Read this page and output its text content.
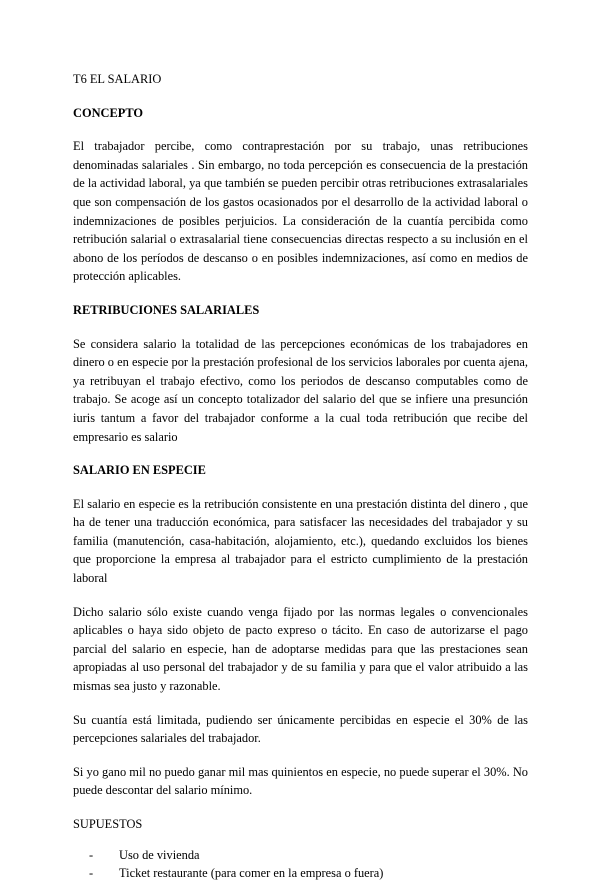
T6 EL SALARIO
CONCEPTO

El trabajador percibe, como contraprestación por su trabajo, unas retribuciones denominadas salariales . Sin embargo, no toda percepción es consecuencia de la prestación de la actividad laboral, ya que también se pueden percibir otras retribuciones extrasalariales que son compensación de los gastos ocasionados por el desarrollo de la actividad laboral o indemnizaciones de posibles perjuicios. La consideración de la cuantía percibida como retribución salarial o extrasalarial tiene consecuencias directas respecto a su inclusión en el abono de los períodos de descanso o en posibles indemnizaciones, así como en medios de protección aplicables.

RETRIBUCIONES SALARIALES

Se considera salario la totalidad de las percepciones económicas de los trabajadores en dinero o en especie por la prestación profesional de los servicios laborales por cuenta ajena, ya retribuyan el trabajo efectivo, como los periodos de descanso computables como de trabajo. Se acoge así un concepto totalizador del salario del que se infiere una presunción iuris tantum a favor del trabajador conforme a la cual toda retribución que recibe del empresario es salario

SALARIO EN ESPECIE

El salario en especie es la retribución consistente en una prestación distinta del dinero , que ha de tener una traducción económica, para satisfacer las necesidades del trabajador y su familia (manutención, casa-habitación, alojamiento, etc.), quedando excluidos los bienes que proporcione la empresa al trabajador para el estricto cumplimiento de la prestación laboral

Dicho salario sólo existe cuando venga fijado por las normas legales o convencionales aplicables o haya sido objeto de pacto expreso o tácito. En caso de autorizarse el pago parcial del salario en especie, han de adoptarse medidas para que las prestaciones sean apropiadas al uso personal del trabajador y de su familia y para que el valor atribuido a las mismas sea justo y razonable.

Su cuantía está limitada, pudiendo ser únicamente percibidas en especie el 30% de las percepciones salariales del trabajador.

Si yo gano mil no puedo ganar mil mas quinientos en especie, no puede superar el 30%. No puede descontar del salario mínimo.

SUPUESTOS
- Uso de vivienda
- Ticket restaurante (para comer en la empresa o fuera)
